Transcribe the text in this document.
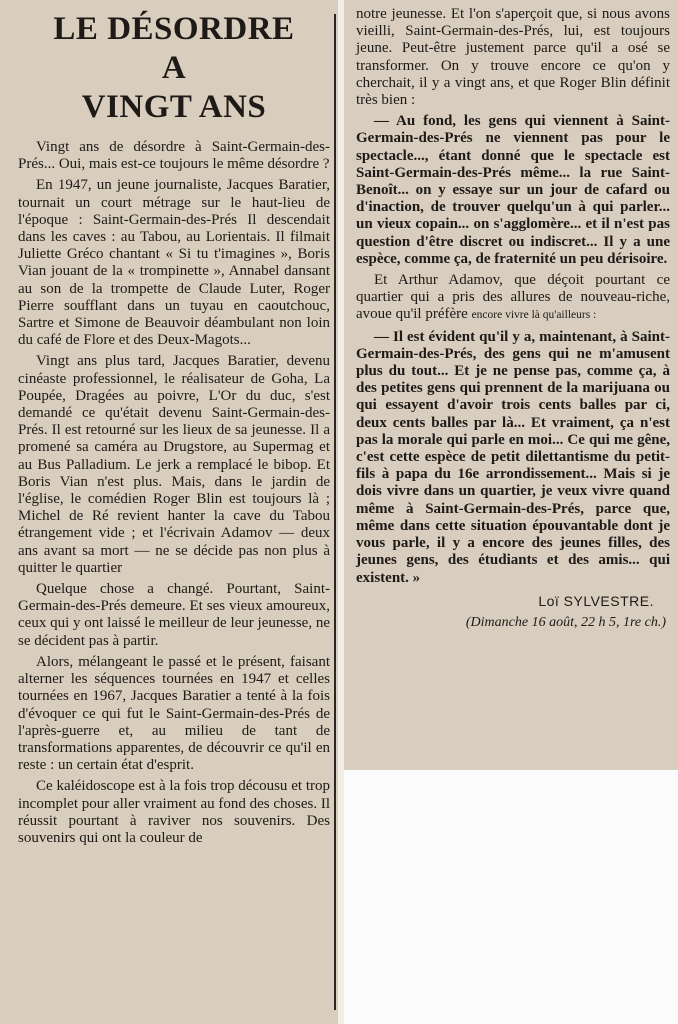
LE DÉSORDRE
A
VINGT ANS

Vingt ans de désordre à Saint-Germain-des-Prés... Oui, mais est-ce toujours le même désordre ?

En 1947, un jeune journaliste, Jacques Baratier, tournait un court métrage sur le haut-lieu de l'époque : Saint-Germain-des-Prés Il descendait dans les caves : au Tabou, au Lorientais. Il filmait Juliette Gréco chantant « Si tu t'imagines », Boris Vian jouant de la « trompinette », Annabel dansant au son de la trompette de Claude Luter, Roger Pierre soufflant dans un tuyau en caoutchouc, Sartre et Simone de Beauvoir déambulant non loin du café de Flore et des Deux-Magots...

Vingt ans plus tard, Jacques Baratier, devenu cinéaste professionnel, le réalisateur de Goha, La Poupée, Dragées au poivre, L'Or du duc, s'est demandé ce qu'était devenu Saint-Germain-des-Prés. Il est retourné sur les lieux de sa jeunesse. Il a promené sa caméra au Drugstore, au Supermag et au Bus Palladium. Le jerk a remplacé le bibop. Et Boris Vian n'est plus. Mais, dans le jardin de l'église, le comédien Roger Blin est toujours là ; Michel de Ré revient hanter la cave du Tabou étrangement vide ; et l'écrivain Adamov — deux ans avant sa mort — ne se décide pas non plus à quitter le quartier

Quelque chose a changé. Pourtant, Saint-Germain-des-Prés demeure. Et ses vieux amoureux, ceux qui y ont laissé le meilleur de leur jeunesse, ne se décident pas à partir.

Alors, mélangeant le passé et le présent, faisant alterner les séquences tournées en 1947 et celles tournées en 1967, Jacques Baratier a tenté à la fois d'évoquer ce qui fut le Saint-Germain-des-Prés de l'après-guerre et, au milieu de tant de transformations apparentes, de découvrir ce qu'il en reste : un certain état d'esprit.

Ce kaléidoscope est à la fois trop décousu et trop incomplet pour aller vraiment au fond des choses. Il réussit pourtant à raviver nos souvenirs. Des souvenirs qui ont la couleur de

notre jeunesse. Et l'on s'aperçoit que, si nous avons vieilli, Saint-Germain-des-Prés, lui, est toujours jeune. Peut-être justement parce qu'il a osé se transformer. On y trouve encore ce qu'on y cherchait, il y a vingt ans, et que Roger Blin définit très bien :

— Au fond, les gens qui viennent à Saint-Germain-des-Prés ne viennent pas pour le spectacle..., étant donné que le spectacle est Saint-Germain-des-Prés même... la rue Saint-Benoît... on y essaye sur un jour de cafard ou d'inaction, de trouver quelqu'un à qui parler... un vieux copain... on s'agglomère... et il n'est pas question d'être discret ou indiscret... Il y a une espèce, comme ça, de fraternité un peu dérisoire.

Et Arthur Adamov, que déçoit pourtant ce quartier qui a pris des allures de nouveau-riche, avoue qu'il préfère encore vivre là qu'ailleurs :

— Il est évident qu'il y a, maintenant, à Saint-Germain-des-Prés, des gens qui ne m'amusent plus du tout... Et je ne pense pas, comme ça, à des petites gens qui prennent de la marijuana ou qui essayent d'avoir trois cents balles par ci, deux cents balles par là... Et vraiment, ça n'est pas la morale qui parle en moi... Ce qui me gêne, c'est cette espèce de petit dilettantisme du petit-fils à papa du 16e arrondissement... Mais si je dois vivre dans un quartier, je veux vivre quand même à Saint-Germain-des-Prés, parce que, même dans cette situation épouvantable dont je vous parle, il y a encore des jeunes filles, des jeunes gens, des étudiants et des amis... qui existent. »

Loï SYLVESTRE.
(Dimanche 16 août, 22 h 5, 1re ch.)
